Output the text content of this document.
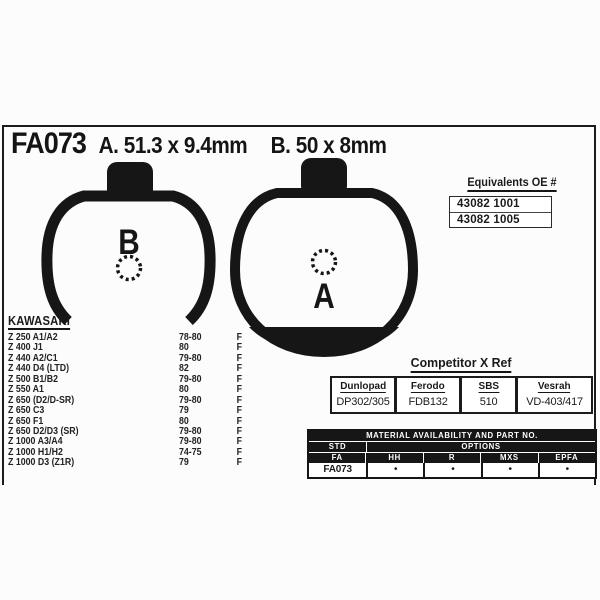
FA073 A. 51.3 x 9.4mm B. 50 x 8mm
B
A
Equivalents OE #
43082 1001
43082 1005
KAWASAKI
Z 250 A1/A2	78-80	F
Z 400 J1	80	F
Z 440 A2/C1	79-80	F
Z 440 D4 (LTD)	82	F
Z 500 B1/B2	79-80	F
Z 550 A1	80	F
Z 650 (D2/D-SR)	79-80	F
Z 650 C3	79	F
Z 650 F1	80	F
Z 650 D2/D3 (SR)	79-80	F
Z 1000 A3/A4	79-80	F
Z 1000 H1/H2	74-75	F
Z 1000 D3 (Z1R)	79	F
Competitor X Ref
Dunlopad	Ferodo	SBS	Vesrah
DP302/305	FDB132	510	VD-403/417
MATERIAL AVAILABILITY AND PART NO.
STD	OPTIONS
FA	HH	R	MXS	EPFA
FA073	•	•	•	•
